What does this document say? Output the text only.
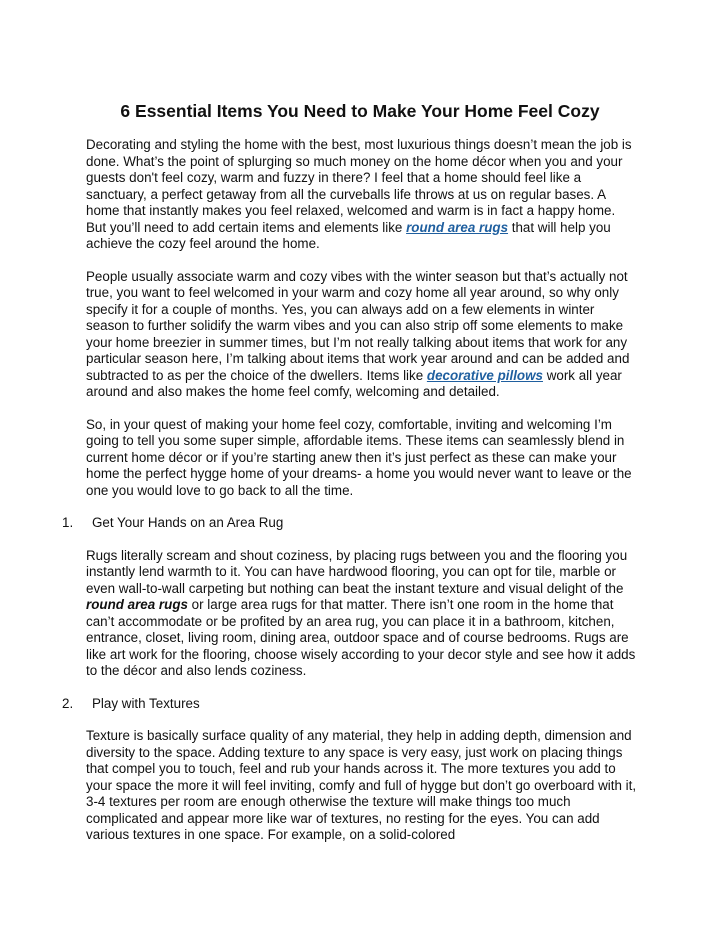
6 Essential Items You Need to Make Your Home Feel Cozy

Decorating and styling the home with the best, most luxurious things doesn’t mean the job is done. What’s the point of splurging so much money on the home décor when you and your guests don't feel cozy, warm and fuzzy in there? I feel that a home should feel like a sanctuary, a perfect getaway from all the curveballs life throws at us on regular bases. A home that instantly makes you feel relaxed, welcomed and warm is in fact a happy home. But you’ll need to add certain items and elements like round area rugs that will help you achieve the cozy feel around the home.

People usually associate warm and cozy vibes with the winter season but that’s actually not true, you want to feel welcomed in your warm and cozy home all year around, so why only specify it for a couple of months. Yes, you can always add on a few elements in winter season to further solidify the warm vibes and you can also strip off some elements to make your home breezier in summer times, but I’m not really talking about items that work for any particular season here, I’m talking about items that work year around and can be added and subtracted to as per the choice of the dwellers. Items like decorative pillows work all year around and also makes the home feel comfy, welcoming and detailed.

So, in your quest of making your home feel cozy, comfortable, inviting and welcoming I’m going to tell you some super simple, affordable items. These items can seamlessly blend in current home décor or if you’re starting anew then it’s just perfect as these can make your home the perfect hygge home of your dreams- a home you would never want to leave or the one you would love to go back to all the time.

1. Get Your Hands on an Area Rug

Rugs literally scream and shout coziness, by placing rugs between you and the flooring you instantly lend warmth to it. You can have hardwood flooring, you can opt for tile, marble or even wall-to-wall carpeting but nothing can beat the instant texture and visual delight of the round area rugs or large area rugs for that matter. There isn’t one room in the home that can’t accommodate or be profited by an area rug, you can place it in a bathroom, kitchen, entrance, closet, living room, dining area, outdoor space and of course bedrooms. Rugs are like art work for the flooring, choose wisely according to your decor style and see how it adds to the décor and also lends coziness.

2. Play with Textures

Texture is basically surface quality of any material, they help in adding depth, dimension and diversity to the space. Adding texture to any space is very easy, just work on placing things that compel you to touch, feel and rub your hands across it. The more textures you add to your space the more it will feel inviting, comfy and full of hygge but don’t go overboard with it, 3-4 textures per room are enough otherwise the texture will make things too much complicated and appear more like war of textures, no resting for the eyes. You can add various textures in one space. For example, on a solid-colored
